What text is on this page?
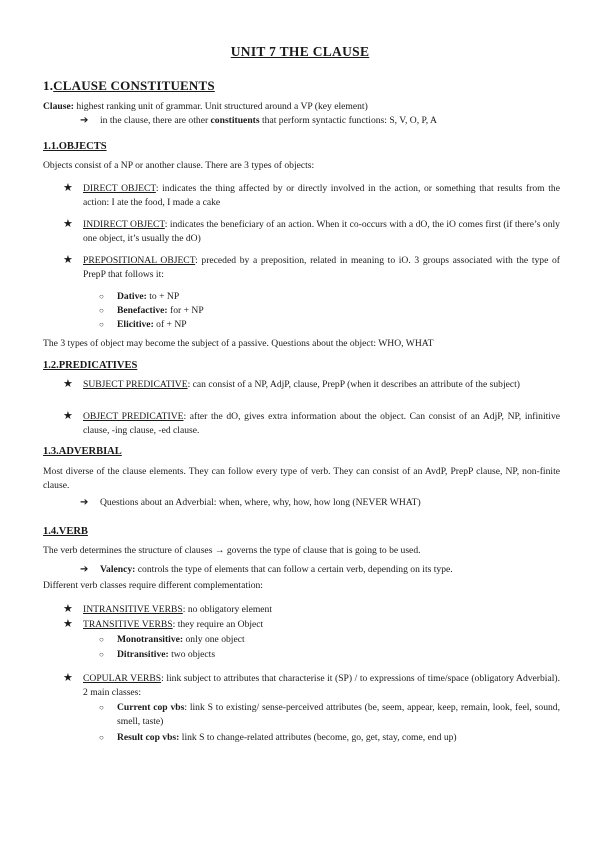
UNIT 7 THE CLAUSE
1.CLAUSE CONSTITUENTS
Clause: highest ranking unit of grammar. Unit structured around a VP (key element)
➔	in the clause, there are other constituents that perform syntactic functions: S, V, O, P, A
1.1.OBJECTS
Objects consist of a NP or another clause. There are 3 types of objects:
★ DIRECT OBJECT: indicates the thing affected by or directly involved in the action, or something that results from the action: I ate the food, I made a cake
★ INDIRECT OBJECT: indicates the beneficiary of an action. When it co-occurs with a dO, the iO comes first (if there’s only one object, it’s usually the dO)
★ PREPOSITIONAL OBJECT: preceded by a preposition, related in meaning to iO. 3 groups associated with the type of PrepP that follows it:
○ Dative: to + NP
○ Benefactive: for + NP
○ Elicitive: of + NP
The 3 types of object may become the subject of a passive. Questions about the object: WHO, WHAT
1.2.PREDICATIVES
★ SUBJECT PREDICATIVE: can consist of a NP, AdjP, clause, PrepP (when it describes an attribute of the subject)
★ OBJECT PREDICATIVE: after the dO, gives extra information about the object. Can consist of an AdjP, NP, infinitive clause, -ing clause, -ed clause.
1.3.ADVERBIAL
Most diverse of the clause elements. They can follow every type of verb. They can consist of an AvdP, PrepP clause, NP, non-finite clause.
➔	Questions about an Adverbial: when, where, why, how, how long (NEVER WHAT)
1.4.VERB
The verb determines the structure of clauses → governs the type of clause that is going to be used.
➔	Valency: controls the type of elements that can follow a certain verb, depending on its type.
Different verb classes require different complementation:
★ INTRANSITIVE VERBS: no obligatory element
★ TRANSITIVE VERBS: they require an Object
○ Monotransitive: only one object
○ Ditransitive: two objects
★ COPULAR VERBS: link subject to attributes that characterise it (SP) / to expressions of time/space (obligatory Adverbial). 2 main classes:
○ Current cop vbs: link S to existing/ sense-perceived attributes (be, seem, appear, keep, remain, look, feel, sound, smell, taste)
○ Result cop vbs: link S to change-related attributes (become, go, get, stay, come, end up)
